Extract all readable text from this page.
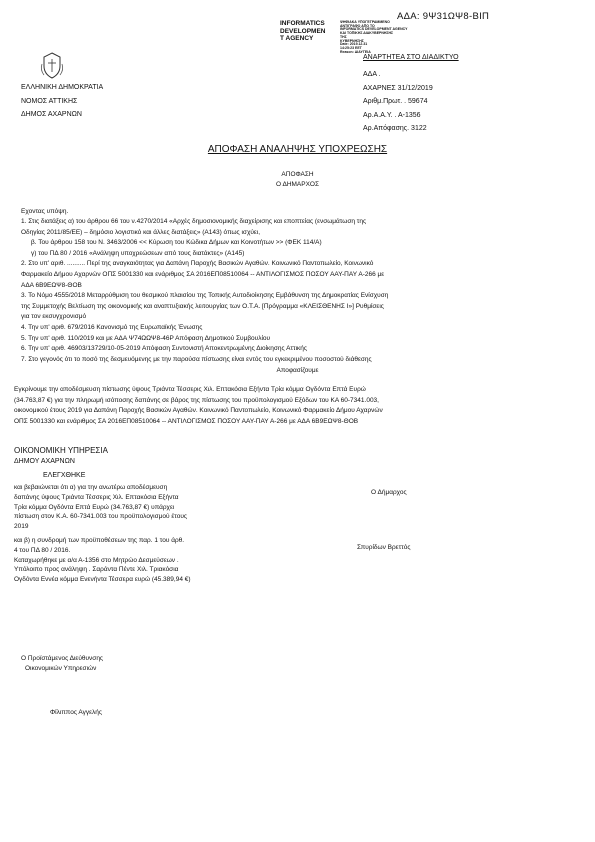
ΑΔΑ: 9Ψ31ΩΨ8-ΒΙΠ
INFORMATICS
DEVELOPMEN
T AGENCY
ΨΗΦΙΑΚΑ ΥΠΟΓΕΓΡΑΜΜΕΝΟ
ΑΝΤΙΓΡΑΦΟ ΑΠΟ ΤΟ
INFORMATICS DEVELOPMENT AGENCY
ΚΑΙ ΤΟΠΙΚΗΣ ΔΙΑΚΥΒΕΡΝΗΣΗΣ
ΤΗΣ
ΚΥΒΕΡΝΗΣΗΣ
Date: 2019.12.31
14:25:23 EET
Reason: ΔΙΑΥΓΕΙΑ
ΑΝΑΡΤΗΤΕΑ ΣΤΟ ΔΙΑΔΙΚΤΥΟ
ΕΛΛΗΝΙΚΗ ΔΗΜΟΚΡΑΤΙΑ
ΝΟΜΟΣ ΑΤΤΙΚΗΣ
ΔΗΜΟΣ ΑΧΑΡΝΩΝ
ΑΔΑ .
ΑΧΑΡΝΕΣ 31/12/2019
Αριθμ.Πρωτ. . 59674
Αρ.Α.Α.Υ. . Α-1356
Αρ.Απόφασης. 3122
ΑΠΟΦΑΣΗ ΑΝΑΛΗΨΗΣ ΥΠΟΧΡΕΩΣΗΣ
ΑΠΟΦΑΣΗ
Ο ΔΗΜΑΡΧΟΣ
Εχοντας υπόψη.
1. Στις διατάξεις α) του άρθρου 66 του ν.4270/2014 «Αρχές δημοσιονομικής διαχείρισης και εποπτείας (ενσωμάτωση της
Οδηγίας 2011/85/ΕΕ) – δημόσιο λογιστικό και άλλες διατάξεις» (Α143) όπως ισχύει,
β. Του άρθρου 158 του Ν. 3463/2006 << Κύρωση του Κώδικα Δήμων και Κοινοτήτων >> (ΦΕΚ 114/Α)
γ) του ΠΔ 80 / 2016 «Ανάληψη υποχρεώσεων από τους διατάκτες» (Α145)
2. Στο υπ' αριθ. .......... Περί της αναγκαιότητας για Δαπάνη Παροχής Βασικών Αγαθών. Κοινωνικό Παντοπωλείο, Κοινωνικό
Φαρμακείο Δήμου Αχαρνών ΟΠΣ 5001330 και ενάριθμος ΣΑ 2016ΕΠ08510064 -- ΑΝΤΙΛΟΓΙΣΜΟΣ ΠΟΣΟΥ ΑΑΥ-ΠΑΥ Α-266 με
ΑΔΑ 6Β9ΕΩΨ8-ΘΟΒ
3. Το Νόμο 4555/2018 Μεταρρύθμιση του θεσμικού πλαισίου της Τοπικής Αυτοδιοίκησης Εμβάθυνση της Δημοκρατίας Ενίσχυση
της Συμμετοχής Βελτίωση της οικονομικής και αναπτυξιακής λειτουργίας των Ο.Τ.Α. [Πρόγραμμα «ΚΛΕΙΣΘΕΝΗΣ Ι»] Ρυθμίσεις
για τον εκσυγχρονισμό
4. Την υπ' αριθ. 679/2016 Κανονισμό της Ευρωπαϊκής Ένωσης
5. Την υπ' αριθ. 110/2019 και με ΑΔΑ Ψ74ΩΩΨ8-46Ρ Απόφαση Δημοτικού Συμβουλίου
6. Την υπ' αριθ. 46903/13729/10-05-2019 Απόφαση Συντονιστή Αποκεντρωμένης Διοίκησης Αττικής
7. Στο γεγονός ότι το ποσό της δεσμευόμενης με την παρούσα πίστωσης είναι εντός του εγκεκριμένου ποσοστού διάθεσης
Αποφασίζουμε
Εγκρίνουμε την αποδέσμευση πίστωσης ύψους Τριάντα Τέσσερις Χιλ. Επτακόσια Εξήντα Τρία κόμμα Ογδόντα Επτά Ευρώ
(34.763,87 €) για την πληρωμή ισόποσης δαπάνης σε βάρος της πίστωσης του προϋπολογισμού Εξόδων του ΚΑ 60-7341.003,
οικονομικού έτους 2019 για Δαπάνη Παροχής Βασικών Αγαθών. Κοινωνικό Παντοπωλείο, Κοινωνικό Φαρμακείο Δήμου Αχαρνών
ΟΠΣ 5001330 και ενάριθμος ΣΑ 2016ΕΠ08510064 -- ΑΝΤΙΛΟΓΙΣΜΟΣ ΠΟΣΟΥ ΑΑΥ-ΠΑΥ Α-266 με ΑΔΑ 6Β9ΕΩΨ8-ΘΟΒ
ΟΙΚΟΝΟΜΙΚΗ ΥΠΗΡΕΣΙΑ
ΔΗΜΟΥ ΑΧΑΡΝΩΝ
ΕΛΕΓΧΘΗΚΕ
και βεβαιώνεται ότι α) για την ανωτέρω αποδέσμευση
δαπάνης ύψους Τριάντα Τέσσερις Χιλ. Επτακόσια Εξήντα
Τρία κόμμα Ογδόντα Επτά Ευρώ (34.763,87 €) υπάρχει
πίστωση στον Κ.Α. 60-7341.003 του προϋπολογισμού έτους
2019
και β) η συνδρομή των προϋποθέσεων της παρ. 1 του άρθ.
4 του ΠΔ 80 / 2016.
Καταχωρήθηκε με α/α Α-1356 στο Μητρώο Δεσμεύσεων .
Υπόλοιπο προς ανάληψη . Σαράντα Πέντε Χιλ. Τριακόσια
Ογδόντα Εννέα κόμμα Ενενήντα Τέσσερα ευρώ (45.389,94 €)
Ο Δήμαρχος
Σπυρίδων Βρεττός
Ο Προϊστάμενος Διεύθυνσης
Οικονομικών Υπηρεσιών
Φίλιππος Αγγελής
